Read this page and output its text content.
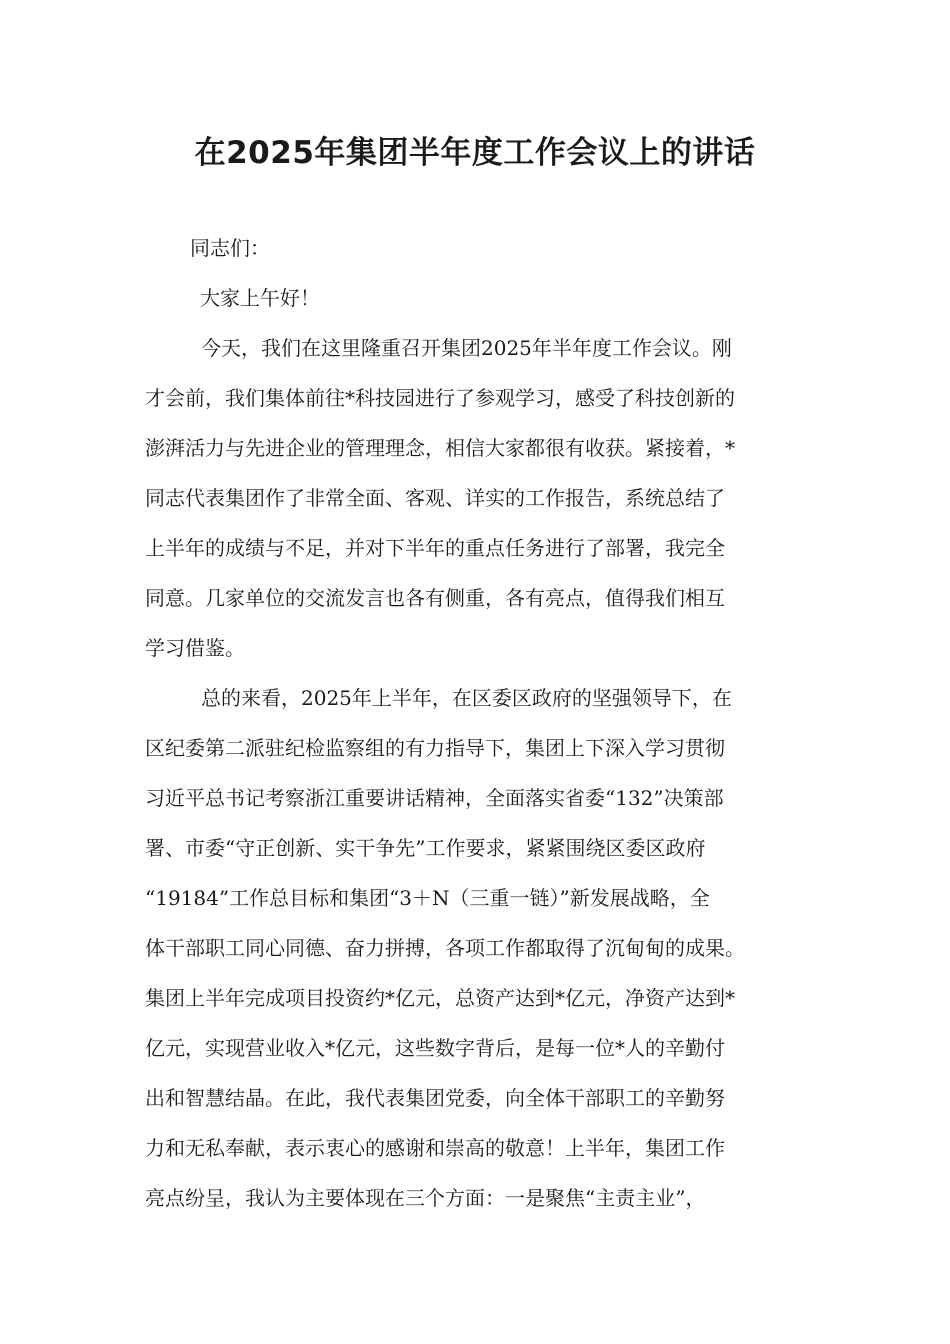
在2025年集团半年度工作会议上的讲话

同志们：

大家上午好！

今天，我们在这里隆重召开集团2025年半年度工作会议。刚
才会前，我们集体前往*科技园进行了参观学习，感受了科技创新的
澎湃活力与先进企业的管理理念，相信大家都很有收获。紧接着，*
同志代表集团作了非常全面、客观、详实的工作报告，系统总结了
上半年的成绩与不足，并对下半年的重点任务进行了部署，我完全
同意。几家单位的交流发言也各有侧重，各有亮点，值得我们相互
学习借鉴。
总的来看，2025年上半年，在区委区政府的坚强领导下，在
区纪委第二派驻纪检监察组的有力指导下，集团上下深入学习贯彻
习近平总书记考察浙江重要讲话精神，全面落实省委“132”决策部
署、市委“守正创新、实干争先”工作要求，紧紧围绕区委区政府
“19184”工作总目标和集团“3＋N（三重一链）”新发展战略，全
体干部职工同心同德、奋力拼搏，各项工作都取得了沉甸甸的成果。
集团上半年完成项目投资约*亿元，总资产达到*亿元，净资产达到*
亿元，实现营业收入*亿元，这些数字背后，是每一位*人的辛勤付
出和智慧结晶。在此，我代表集团党委，向全体干部职工的辛勤努
力和无私奉献，表示衷心的感谢和崇高的敬意！上半年，集团工作
亮点纷呈，我认为主要体现在三个方面：一是聚焦“主责主业”，
